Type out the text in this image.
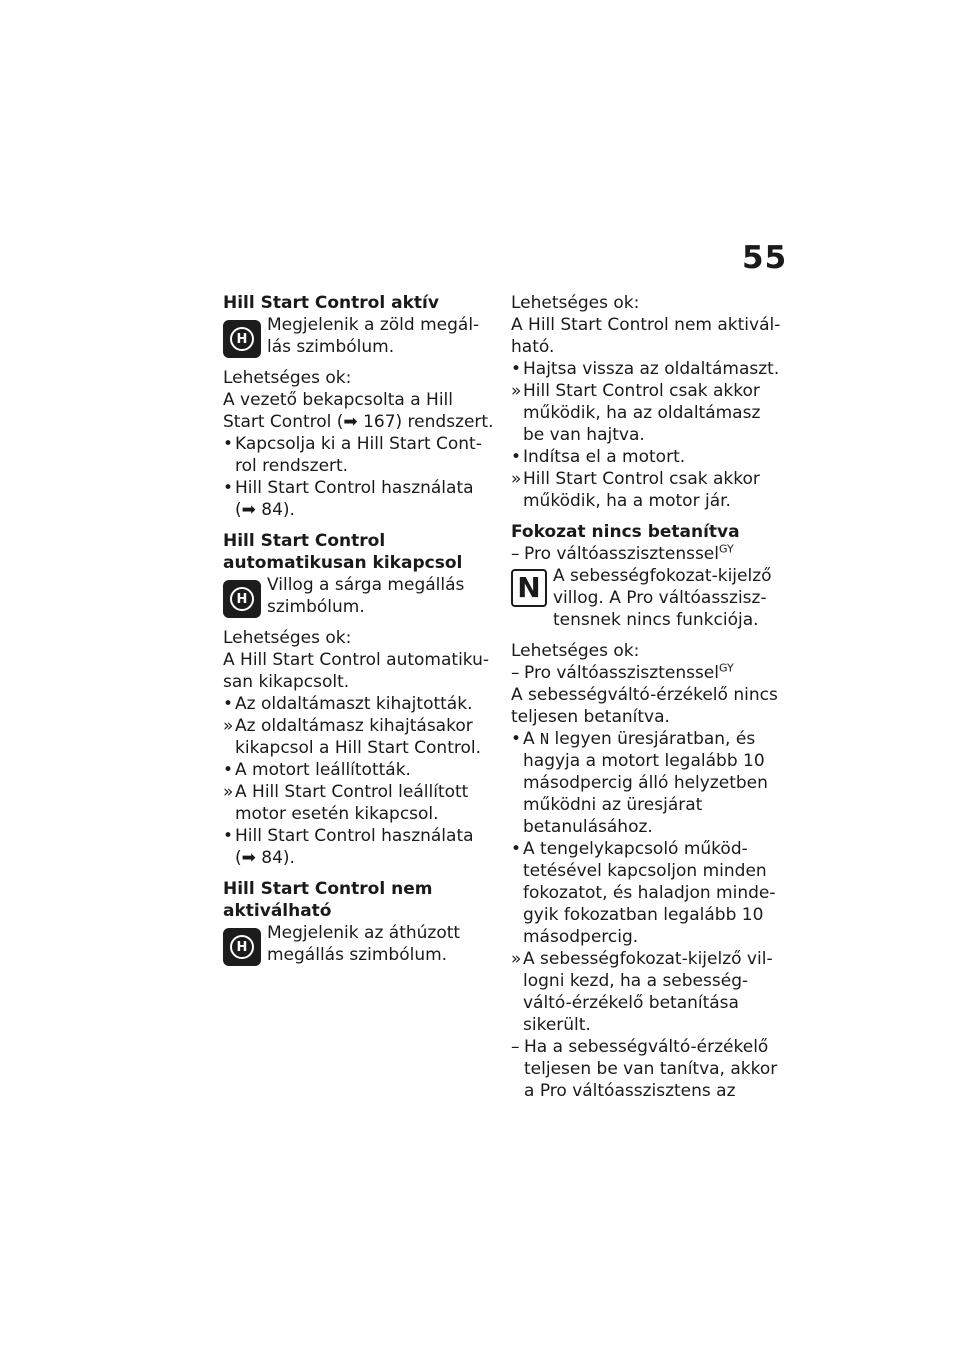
55
Hill Start Control aktív
H
Megjelenik a zöld megállás szimbólum.
Lehetséges ok:
A vezető bekapcsolta a Hill Start Control (➡ 167) rendszert.
• Kapcsolja ki a Hill Start Control rendszert.
• Hill Start Control használata (➡ 84).
Hill Start Control automatikusan kikapcsol
H
Villog a sárga megállás szimbólum.
Lehetséges ok:
A Hill Start Control automatikusan kikapcsolt.
• Az oldaltámaszt kihajtották.
» Az oldaltámasz kihajtásakor kikapcsol a Hill Start Control.
• A motort leállították.
» A Hill Start Control leállított motor esetén kikapcsol.
• Hill Start Control használata (➡ 84).
Hill Start Control nem aktiválható
H
Megjelenik az áthúzott megállás szimbólum.
Lehetséges ok:
A Hill Start Control nem aktiválható.
• Hajtsa vissza az oldaltámaszt.
» Hill Start Control csak akkor működik, ha az oldaltámasz be van hajtva.
• Indítsa el a motort.
» Hill Start Control csak akkor működik, ha a motor jár.
Fokozat nincs betanítva
– Pro váltóasszisztenssel$^{GY}$
N A sebességfokozat-kijelző villog. A Pro váltóasszisztensnek nincs funkciója.
Lehetséges ok:
– Pro váltóasszisztenssel$^{GY}$
A sebességváltó-érzékelő nincs teljesen betanítva.
• A N legyen üresjáratban, és hagyja a motort legalább 10 másodpercig álló helyzetben működni az üresjárat betanulásához.
• A tengelykapcsoló működtetésével kapcsoljon minden fokozatot, és haladjon mindegyik fokozatban legalább 10 másodpercig.
» A sebességfokozat-kijelző villogni kezd, ha a sebességváltó-érzékelő betanítása sikerült.
– Ha a sebességváltó-érzékelő teljesen be van tanítva, akkor a Pro váltóasszisztens az
